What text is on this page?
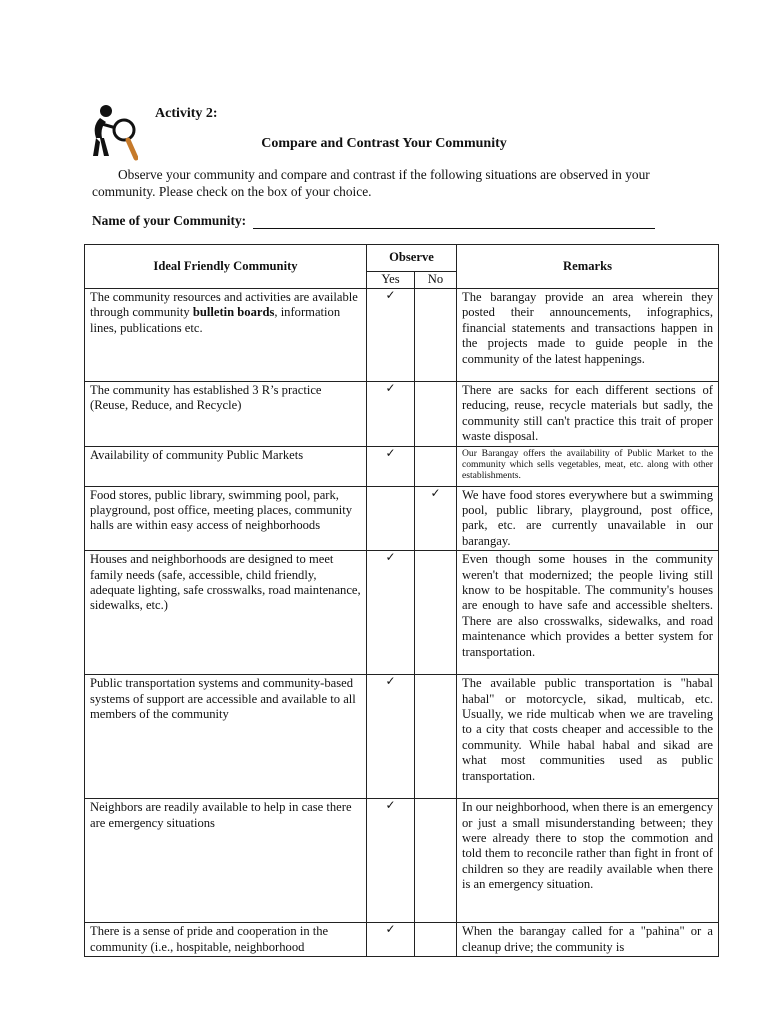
Activity 2:
Compare and Contrast Your Community
Observe your community and compare and contrast if the following situations are observed in your community. Please check on the box of your choice.
Name of your Community:
Ideal Friendly Community	Observe		Remarks
	Yes	No	
The community resources and activities are available through community bulletin boards, information lines, publications etc.	✓		The barangay provide an area wherein they posted their announcements, infographics, financial statements and transactions happen in the projects made to guide people in the community of the latest happenings.
The community has established 3 R’s practice (Reuse, Reduce, and Recycle)	✓		There are sacks for each different sections of reducing, reuse, recycle materials but sadly, the community still can't practice this trait of proper waste disposal.
Availability of community Public Markets	✓		Our Barangay offers the availability of Public Market to the community which sells vegetables, meat, etc. along with other establishments.
Food stores, public library, swimming pool, park, playground, post office, meeting places, community halls are within easy access of neighborhoods		✓	We have food stores everywhere but a swimming pool, public library, playground, post office, park, etc. are currently unavailable in our barangay.
Houses and neighborhoods are designed to meet family needs (safe, accessible, child friendly, adequate lighting, safe crosswalks, road maintenance, sidewalks, etc.)	✓		Even though some houses in the community weren't that modernized; the people living still know to be hospitable. The community's houses are enough to have safe and accessible shelters. There are also crosswalks, sidewalks, and road maintenance which provides a better system for transportation.
Public transportation systems and community-based systems of support are accessible and available to all members of the community	✓		The available public transportation is "habal habal" or motorcycle, sikad, multicab, etc. Usually, we ride multicab when we are traveling to a city that costs cheaper and accessible to the community. While habal habal and sikad are what most communities used as public transportation.
Neighbors are readily available to help in case there are emergency situations	✓		In our neighborhood, when there is an emergency or just a small misunderstanding between; they were already there to stop the commotion and told them to reconcile rather than fight in front of children so they are readily available when there is an emergency situation.
There is a sense of pride and cooperation in the community (i.e., hospitable, neighborhood	✓		When the barangay called for a "pahina" or a cleanup drive; the community is
